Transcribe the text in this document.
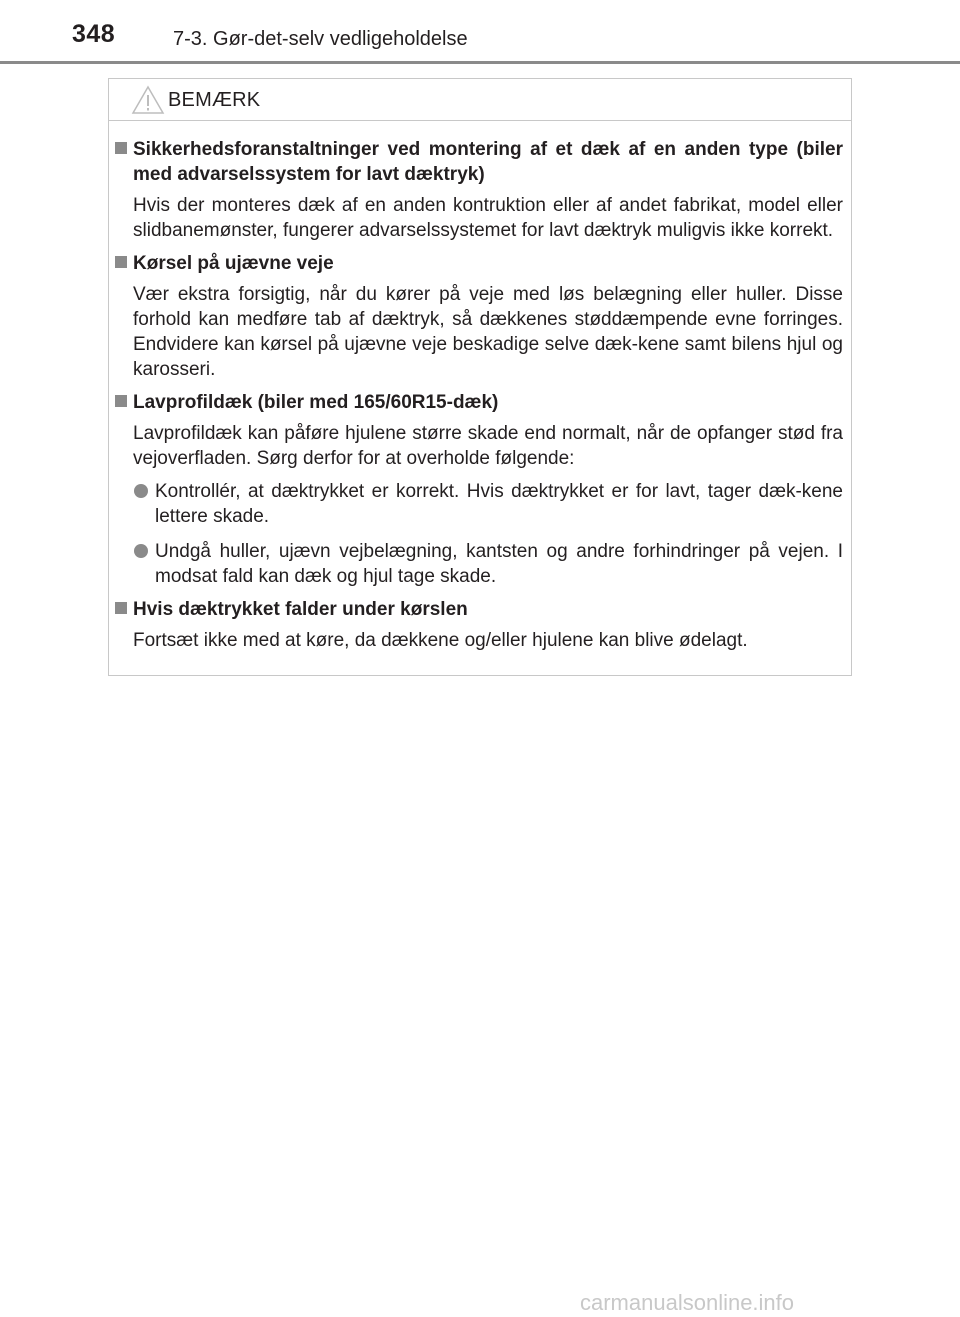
348	7-3. Gør-det-selv vedligeholdelse
BEMÆRK
Sikkerhedsforanstaltninger ved montering af et dæk af en anden type (biler med advarselssystem for lavt dæktryk)
Hvis der monteres dæk af en anden kontruktion eller af andet fabrikat, model eller slidbanemønster, fungerer advarselssystemet for lavt dæktryk muligvis ikke korrekt.
Kørsel på ujævne veje
Vær ekstra forsigtig, når du kører på veje med løs belægning eller huller. Disse forhold kan medføre tab af dæktryk, så dækkenes støddæmpende evne forringes. Endvidere kan kørsel på ujævne veje beskadige selve dæk-kene samt bilens hjul og karosseri.
Lavprofildæk (biler med 165/60R15-dæk)
Lavprofildæk kan påføre hjulene større skade end normalt, når de opfanger stød fra vejoverfladen. Sørg derfor for at overholde følgende:
Kontrollér, at dæktrykket er korrekt. Hvis dæktrykket er for lavt, tager dæk-kene lettere skade.
Undgå huller, ujævn vejbelægning, kantsten og andre forhindringer på vejen. I modsat fald kan dæk og hjul tage skade.
Hvis dæktrykket falder under kørslen
Fortsæt ikke med at køre, da dækkene og/eller hjulene kan blive ødelagt.
carmanualsonline.info
